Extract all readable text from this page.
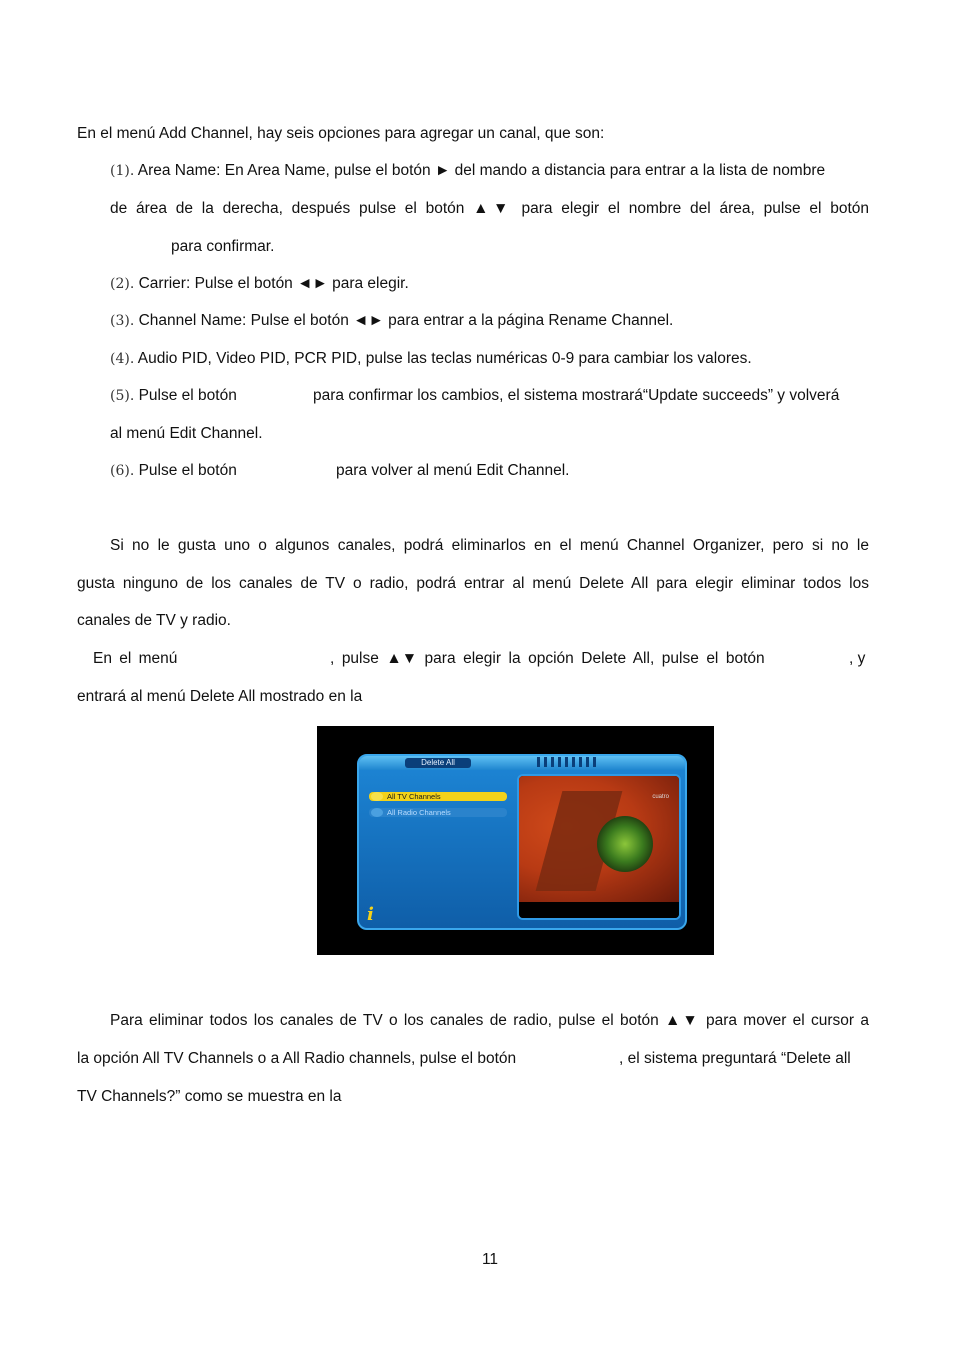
En el menú Add Channel, hay seis opciones para agregar un canal, que son:
(1). Area Name: En Area Name, pulse el botón ► del mando a distancia para entrar a la lista de nombre
de área de la derecha, después pulse el botón ▲▼ para elegir el nombre del área, pulse el botón
para confirmar.
(2). Carrier: Pulse el botón ◄► para elegir.
(3). Channel Name: Pulse el botón ◄► para entrar a la página Rename Channel.
(4). Audio PID, Video PID, PCR PID, pulse las teclas numéricas 0-9 para cambiar los valores.
(5). Pulse el botón	para confirmar los cambios, el sistema mostrará“Update succeeds” y volverá
al menú Edit Channel.
(6). Pulse el botón	para volver al menú Edit Channel.
Si no le gusta uno o algunos canales, podrá eliminarlos en el menú Channel Organizer, pero si no le
gusta ninguno de los canales de TV o radio, podrá entrar al menú Delete All para elegir eliminar todos los
canales de TV y radio.
En el menú	, pulse ▲▼ para elegir la opción Delete All, pulse el botón	, y
entrará al menú Delete All mostrado en la
Delete All
All TV Channels
All Radio Channels
i
cuatro
Para eliminar todos los canales de TV o los canales de radio, pulse el botón ▲▼ para mover el cursor a
la opción All TV Channels o a All Radio channels, pulse el botón	, el sistema preguntará “Delete all
TV Channels?” como se muestra en la
11
